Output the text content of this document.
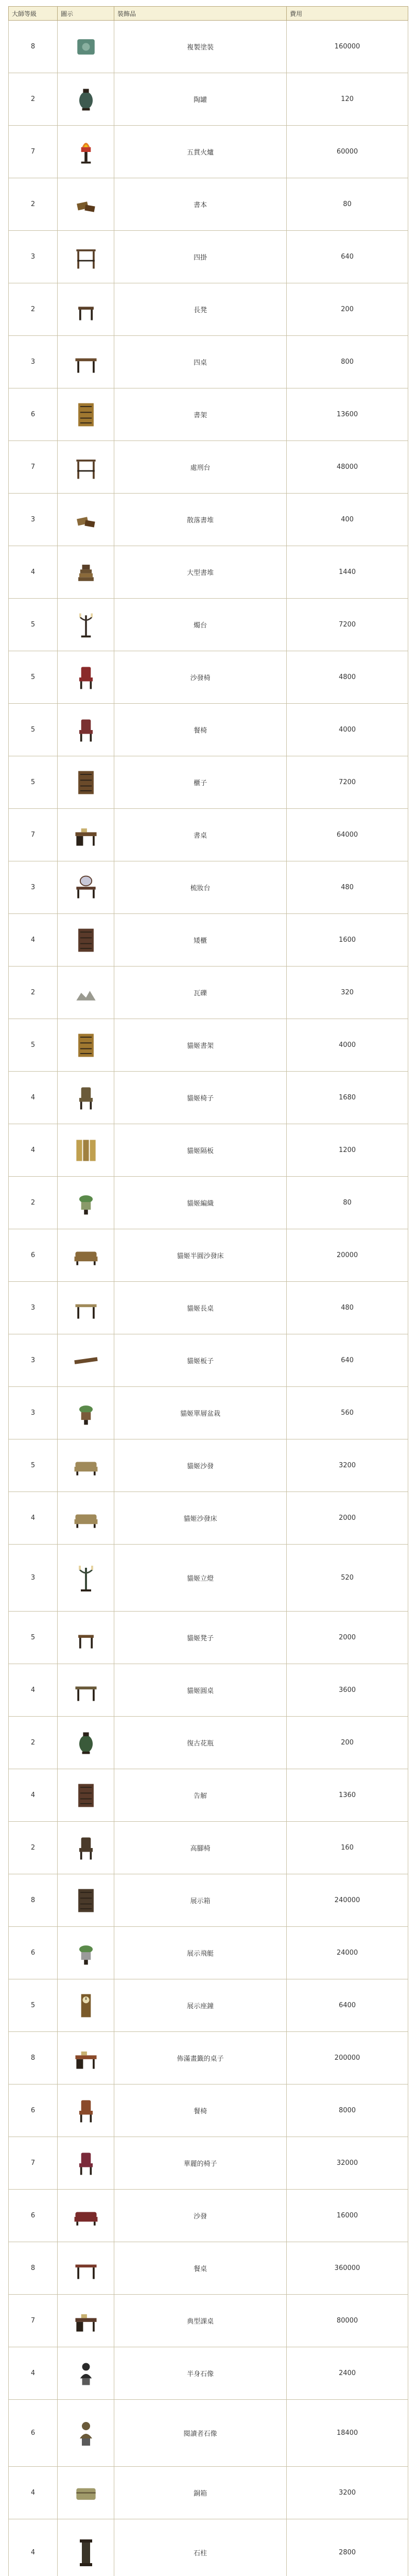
大師等級	圖示	裝飾品	費用
8		複製塗裝	160000
2		陶罐	120
7		五貫火爐	60000
2		書本	80
3		四掛	640
2		長凳	200
3		四桌	800
6		書架	13600
7		處刑台	48000
3		散落書堆	400
4		大型書堆	1440
5		燭台	7200
5		沙發椅	4800
5		餐椅	4000
5		櫃子	7200
7		書桌	64000
3		梳妝台	480
4		矮櫃	1600
2		瓦礫	320
5		貓姬書架	4000
4		貓姬椅子	1680
4		貓姬隔板	1200
2		貓姬編織	80
6		貓姬半圓沙發床	20000
3		貓姬長桌	480
3		貓姬板子	640
3		貓姬單層盆栽	560
5		貓姬沙發	3200
4		貓姬沙發床	2000
3		貓姬立燈	520
5		貓姬凳子	2000
4		貓姬圓桌	3600
2		復古花瓶	200
4		告解	1360
2		高腳椅	160
8		展示箱	240000
6		展示飛艇	24000
5		展示座鐘	6400
8		佈滿畫籤的桌子	200000
6		餐椅	8000
7		華麗的椅子	32000
6		沙發	16000
8		餐桌	360000
7		典型課桌	80000
4		半身石像	2400
6		閱讀者石像	18400
4		銅箱	3200
4		石柱	2800
